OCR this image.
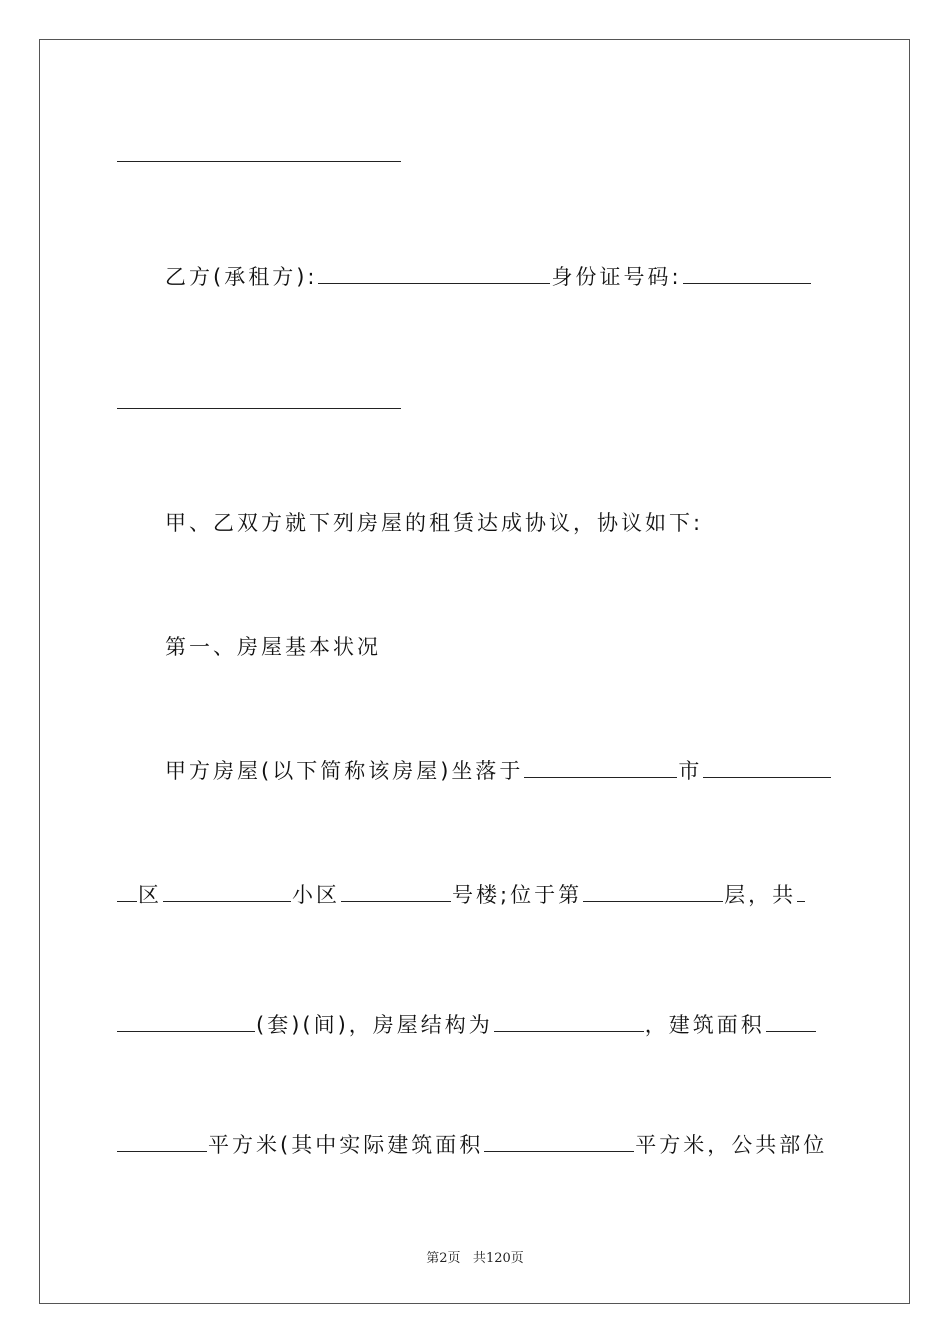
乙方(承租方):	身份证号码:
甲、乙双方就下列房屋的租赁达成协议，协议如下:
第一、房屋基本状况
甲方房屋(以下简称该房屋)坐落于	市
区	小区	号楼;位于第	层，共
(套)(间)，房屋结构为	，建筑面积
平方米(其中实际建筑面积	平方米，公共部位
第2页 共120页
